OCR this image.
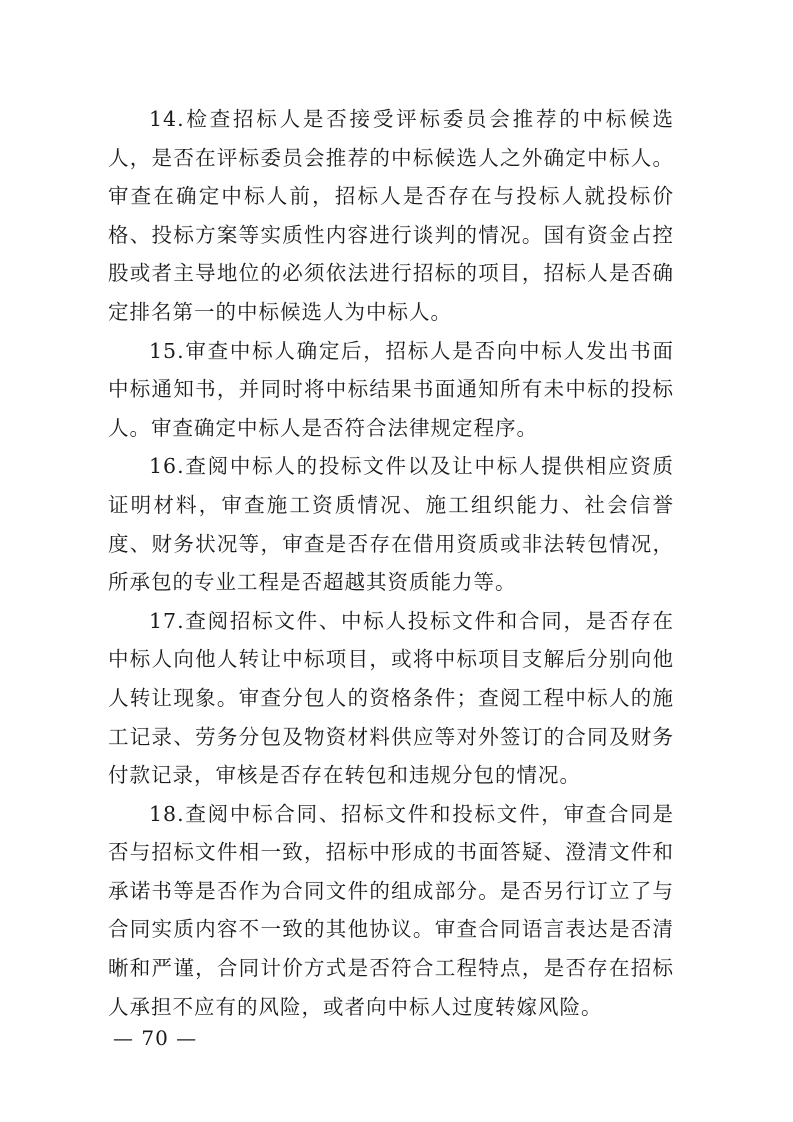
14.检查招标人是否接受评标委员会推荐的中标候选人，是否在评标委员会推荐的中标候选人之外确定中标人。审查在确定中标人前，招标人是否存在与投标人就投标价格、投标方案等实质性内容进行谈判的情况。国有资金占控股或者主导地位的必须依法进行招标的项目，招标人是否确定排名第一的中标候选人为中标人。

15.审查中标人确定后，招标人是否向中标人发出书面中标通知书，并同时将中标结果书面通知所有未中标的投标人。审查确定中标人是否符合法律规定程序。

16.查阅中标人的投标文件以及让中标人提供相应资质证明材料，审查施工资质情况、施工组织能力、社会信誉度、财务状况等，审查是否存在借用资质或非法转包情况，所承包的专业工程是否超越其资质能力等。

17.查阅招标文件、中标人投标文件和合同，是否存在中标人向他人转让中标项目，或将中标项目支解后分别向他人转让现象。审查分包人的资格条件；查阅工程中标人的施工记录、劳务分包及物资材料供应等对外签订的合同及财务付款记录，审核是否存在转包和违规分包的情况。

18.查阅中标合同、招标文件和投标文件，审查合同是否与招标文件相一致，招标中形成的书面答疑、澄清文件和承诺书等是否作为合同文件的组成部分。是否另行订立了与合同实质内容不一致的其他协议。审查合同语言表达是否清晰和严谨，合同计价方式是否符合工程特点，是否存在招标人承担不应有的风险，或者向中标人过度转嫁风险。

— 70 —
